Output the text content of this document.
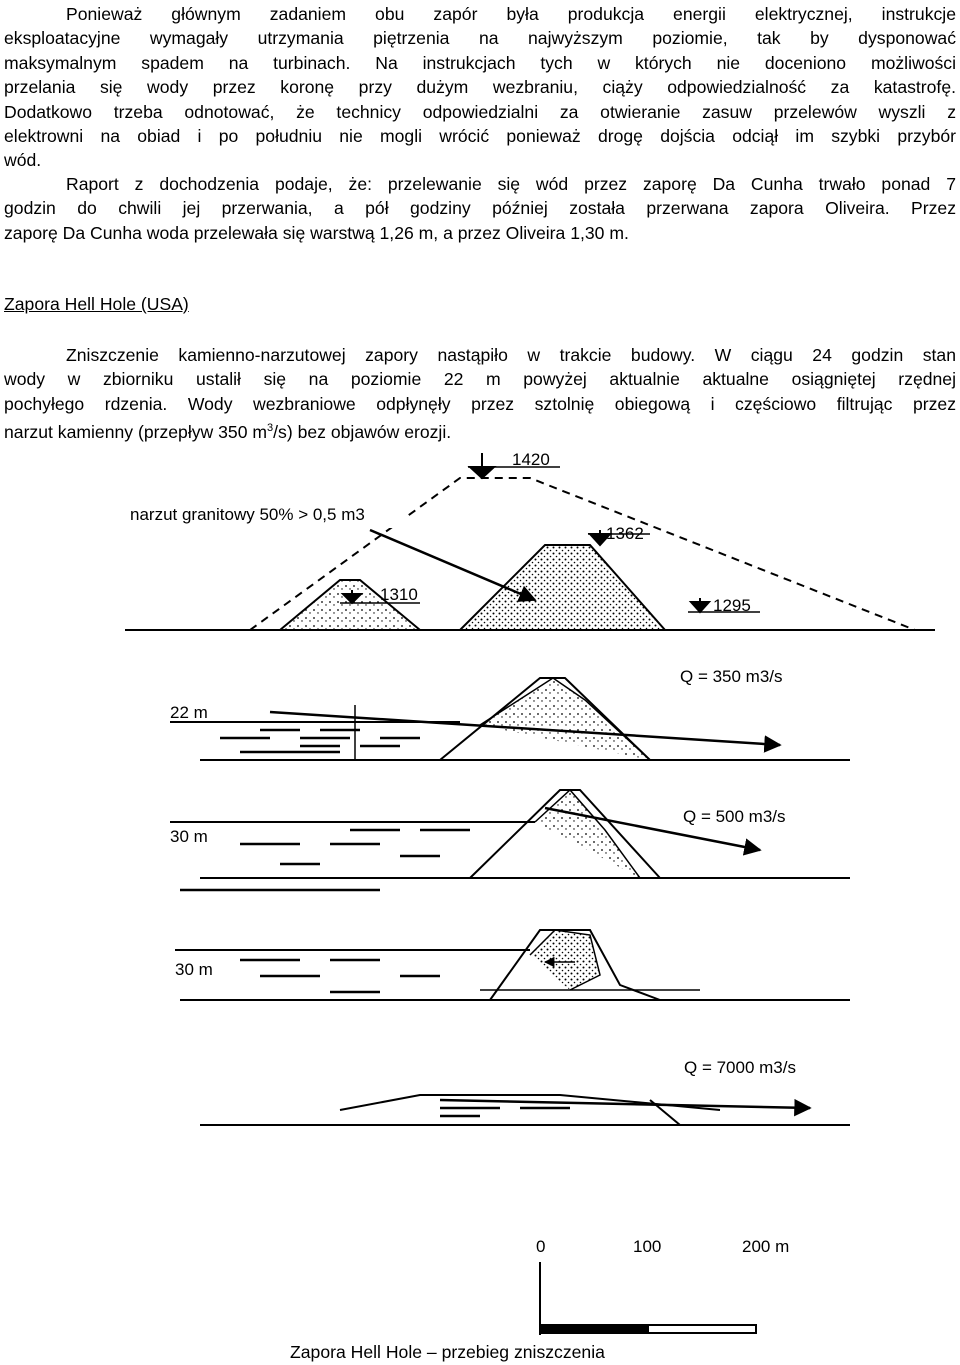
Ponieważ głównym zadaniem obu zapór była produkcja energii elektrycznej, instrukcje
eksploatacyjne wymagały utrzymania piętrzenia na najwyższym poziomie, tak by dysponować
maksymalnym spadem na turbinach. Na instrukcjach tych w których nie doceniono możliwości
przelania się wody przez koronę przy dużym wezbraniu, ciąży odpowiedzialność za katastrofę.
Dodatkowo trzeba odnotować, że technicy odpowiedzialni za otwieranie zasuw przelewów wyszli z
elektrowni na obiad i po południu nie mogli wrócić ponieważ drogę dojścia odciął im szybki przybór
wód.
Raport z dochodzenia podaje, że: przelewanie się wód przez zaporę Da Cunha trwało ponad 7
godzin do chwili jej przerwania, a pół godziny później została przerwana zapora Oliveira. Przez
zaporę Da Cunha woda przelewała się warstwą 1,26 m, a przez Oliveira 1,30 m.

Zapora Hell Hole (USA)

Zniszczenie kamienno-narzutowej zapory nastąpiło w trakcie budowy. W ciągu 24 godzin stan
wody w zbiorniku ustalił się na poziomie 22 m powyżej aktualnie aktualne osiągniętej rzędnej
pochyłego rdzenia. Wody wezbraniowe odpłynęły przez sztolnię obiegową i częściowo filtrując przez
narzut kamienny (przepływ 350 $m^3/s$) bez objawów erozji.
1420
1362
1310
1295
narzut granitowy 50% > 0,5 m3
22 m
Q = 350 m3/s
30 m
Q = 500 m3/s
30 m
Q = 7000 m3/s
0	100	200 m

Zapora Hell Hole – przebieg zniszczenia
